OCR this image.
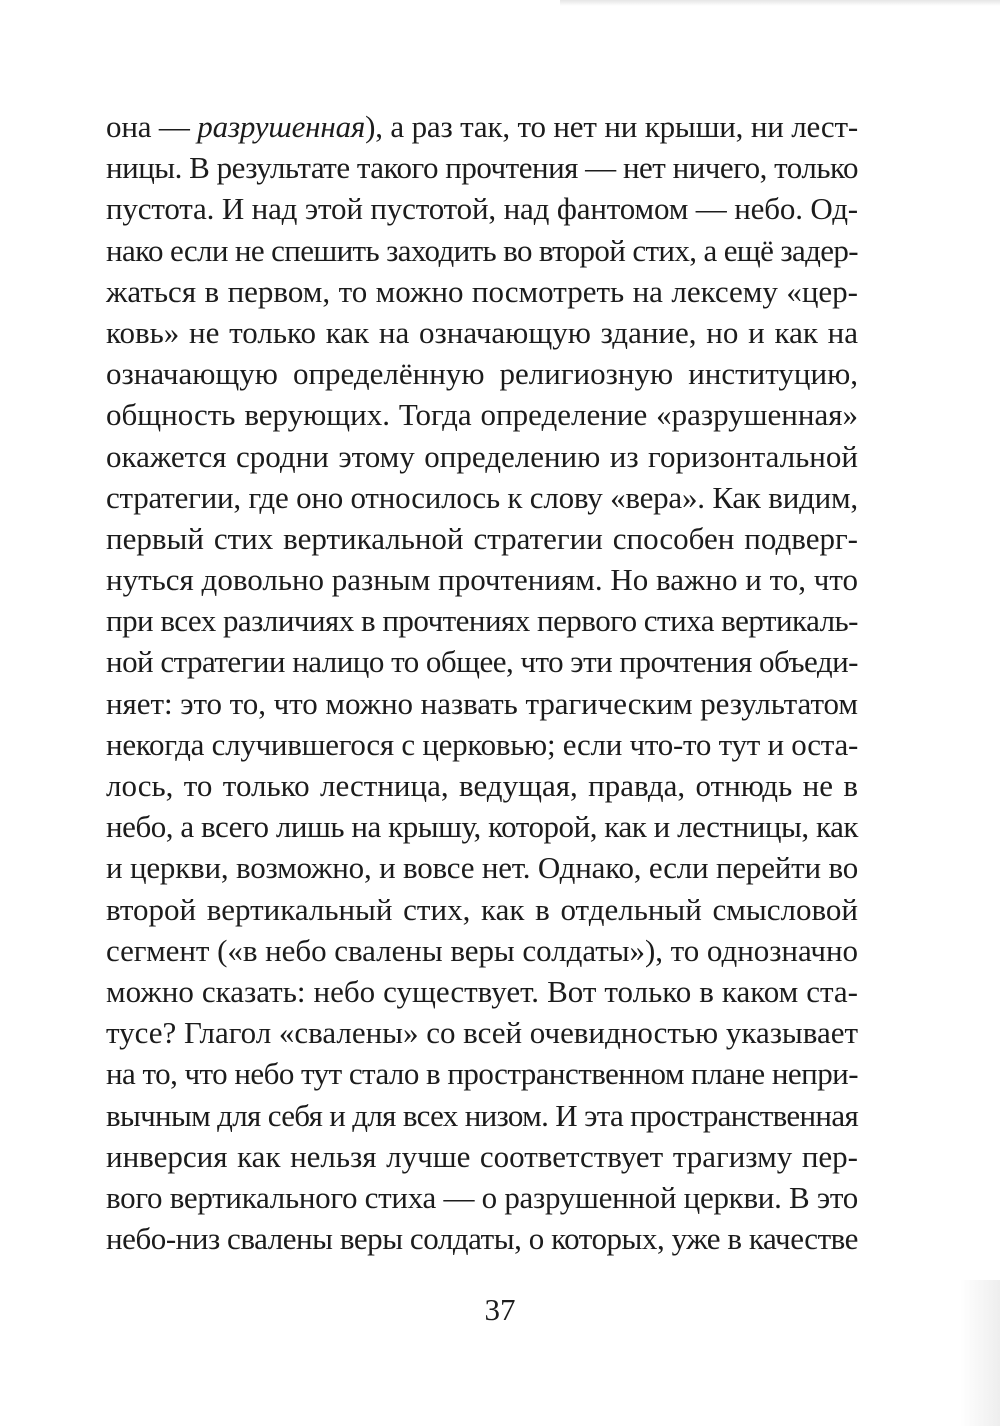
она — разрушенная), а раз так, то нет ни крыши, ни лест-
ницы. В результате такого прочтения — нет ничего, только
пустота. И над этой пустотой, над фантомом — небо. Од-
нако если не спешить заходить во второй стих, а ещё задер-
жаться в первом, то можно посмотреть на лексему «цер-
ковь» не только как на означающую здание, но и как на
означающую определённую религиозную институцию,
общность верующих. Тогда определение «разрушенная»
окажется сродни этому определению из горизонтальной
стратегии, где оно относилось к слову «вера». Как видим,
первый стих вертикальной стратегии способен подверг-
нуться довольно разным прочтениям. Но важно и то, что
при всех различиях в прочтениях первого стиха вертикаль-
ной стратегии налицо то общее, что эти прочтения объеди-
няет: это то, что можно назвать трагическим результатом
некогда случившегося с церковью; если что-то тут и оста-
лось, то только лестница, ведущая, правда, отнюдь не в
небо, а всего лишь на крышу, которой, как и лестницы, как
и церкви, возможно, и вовсе нет. Однако, если перейти во
второй вертикальный стих, как в отдельный смысловой
сегмент («в небо свалены веры солдаты»), то однозначно
можно сказать: небо существует. Вот только в каком ста-
тусе? Глагол «свалены» со всей очевидностью указывает
на то, что небо тут стало в пространственном плане непри-
вычным для себя и для всех низом. И эта пространственная
инверсия как нельзя лучше соответствует трагизму пер-
вого вертикального стиха — о разрушенной церкви. В это
небо-низ свалены веры солдаты, о которых, уже в качестве
37
